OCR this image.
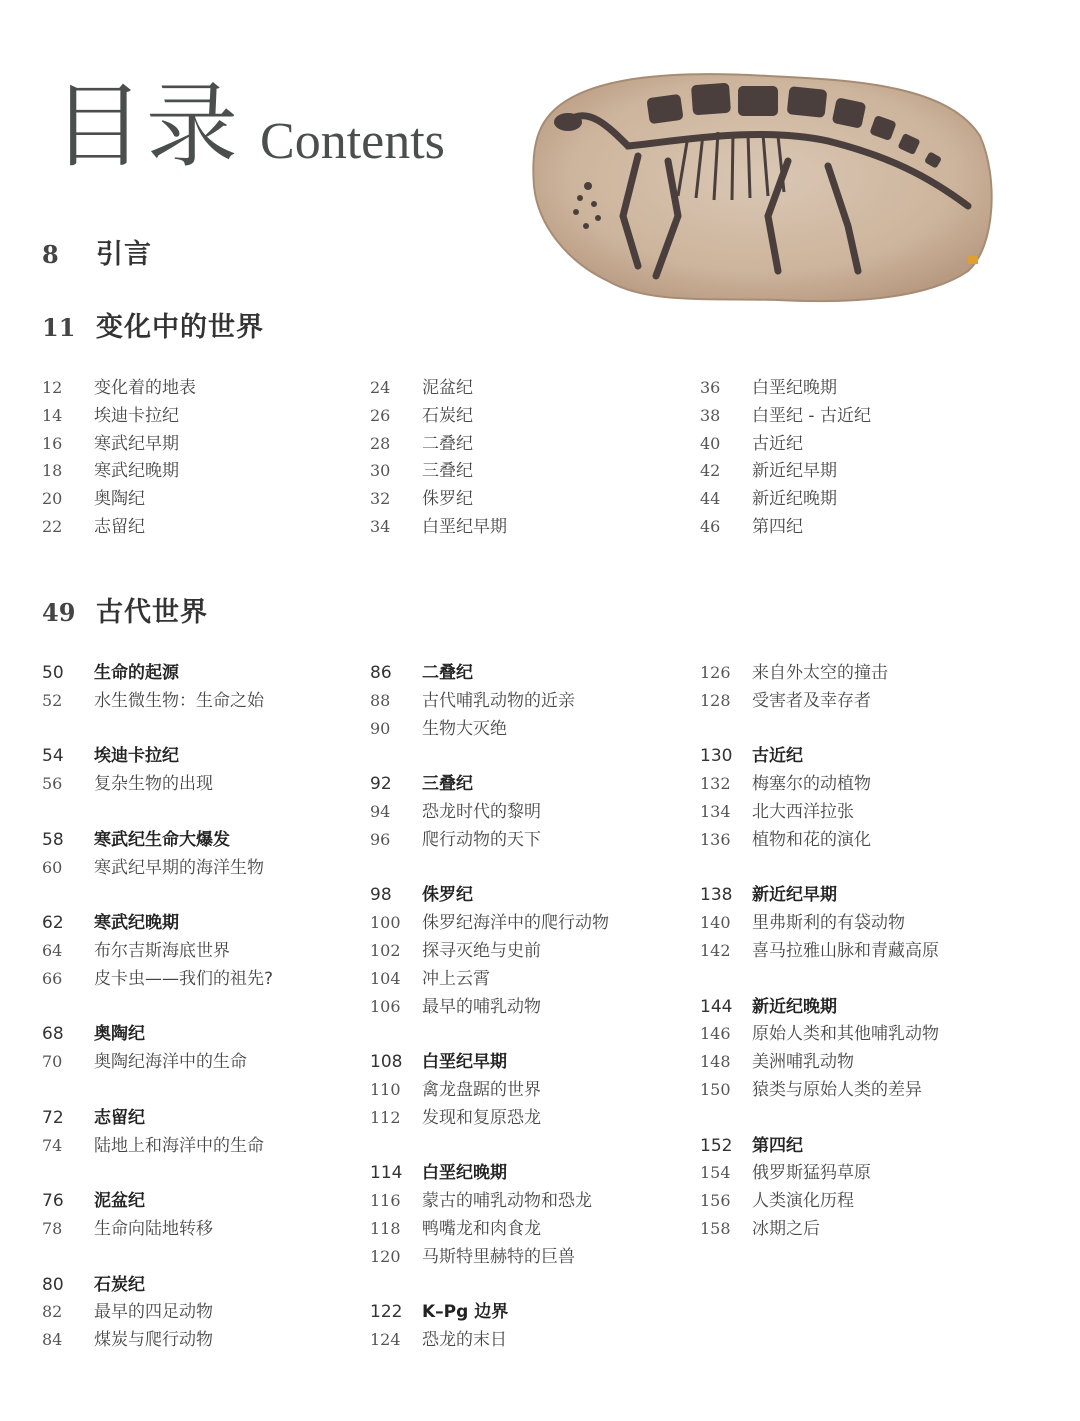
目录 Contents
8	引言
11 变化中的世界
49 古代世界
12	变化着的地表
14	埃迪卡拉纪
16	寒武纪早期
18	寒武纪晚期
20	奥陶纪
22	志留纪
24	泥盆纪
26	石炭纪
28	二叠纪
30	三叠纪
32	侏罗纪
34	白垩纪早期
36	白垩纪晚期
38	白垩纪 - 古近纪
40	古近纪
42	新近纪早期
44	新近纪晚期
46	第四纪
50	生命的起源
52	水生微生物：生命之始
54	埃迪卡拉纪
56	复杂生物的出现
58	寒武纪生命大爆发
60	寒武纪早期的海洋生物
62	寒武纪晚期
64	布尔吉斯海底世界
66	皮卡虫——我们的祖先?
68	奥陶纪
70	奥陶纪海洋中的生命
72	志留纪
74	陆地上和海洋中的生命
76	泥盆纪
78	生命向陆地转移
80	石炭纪
82	最早的四足动物
84	煤炭与爬行动物
86	二叠纪
88	古代哺乳动物的近亲
90	生物大灭绝
92	三叠纪
94	恐龙时代的黎明
96	爬行动物的天下
98	侏罗纪
100	侏罗纪海洋中的爬行动物
102	探寻灭绝与史前
104	冲上云霄
106	最早的哺乳动物
108	白垩纪早期
110	禽龙盘踞的世界
112	发现和复原恐龙
114	白垩纪晚期
116	蒙古的哺乳动物和恐龙
118	鸭嘴龙和肉食龙
120	马斯特里赫特的巨兽
122	K–Pg 边界
124	恐龙的末日
126	来自外太空的撞击
128	受害者及幸存者
130	古近纪
132	梅塞尔的动植物
134	北大西洋拉张
136	植物和花的演化
138	新近纪早期
140	里弗斯利的有袋动物
142	喜马拉雅山脉和青藏高原
144	新近纪晚期
146	原始人类和其他哺乳动物
148	美洲哺乳动物
150	猿类与原始人类的差异
152	第四纪
154	俄罗斯猛犸草原
156	人类演化历程
158	冰期之后
